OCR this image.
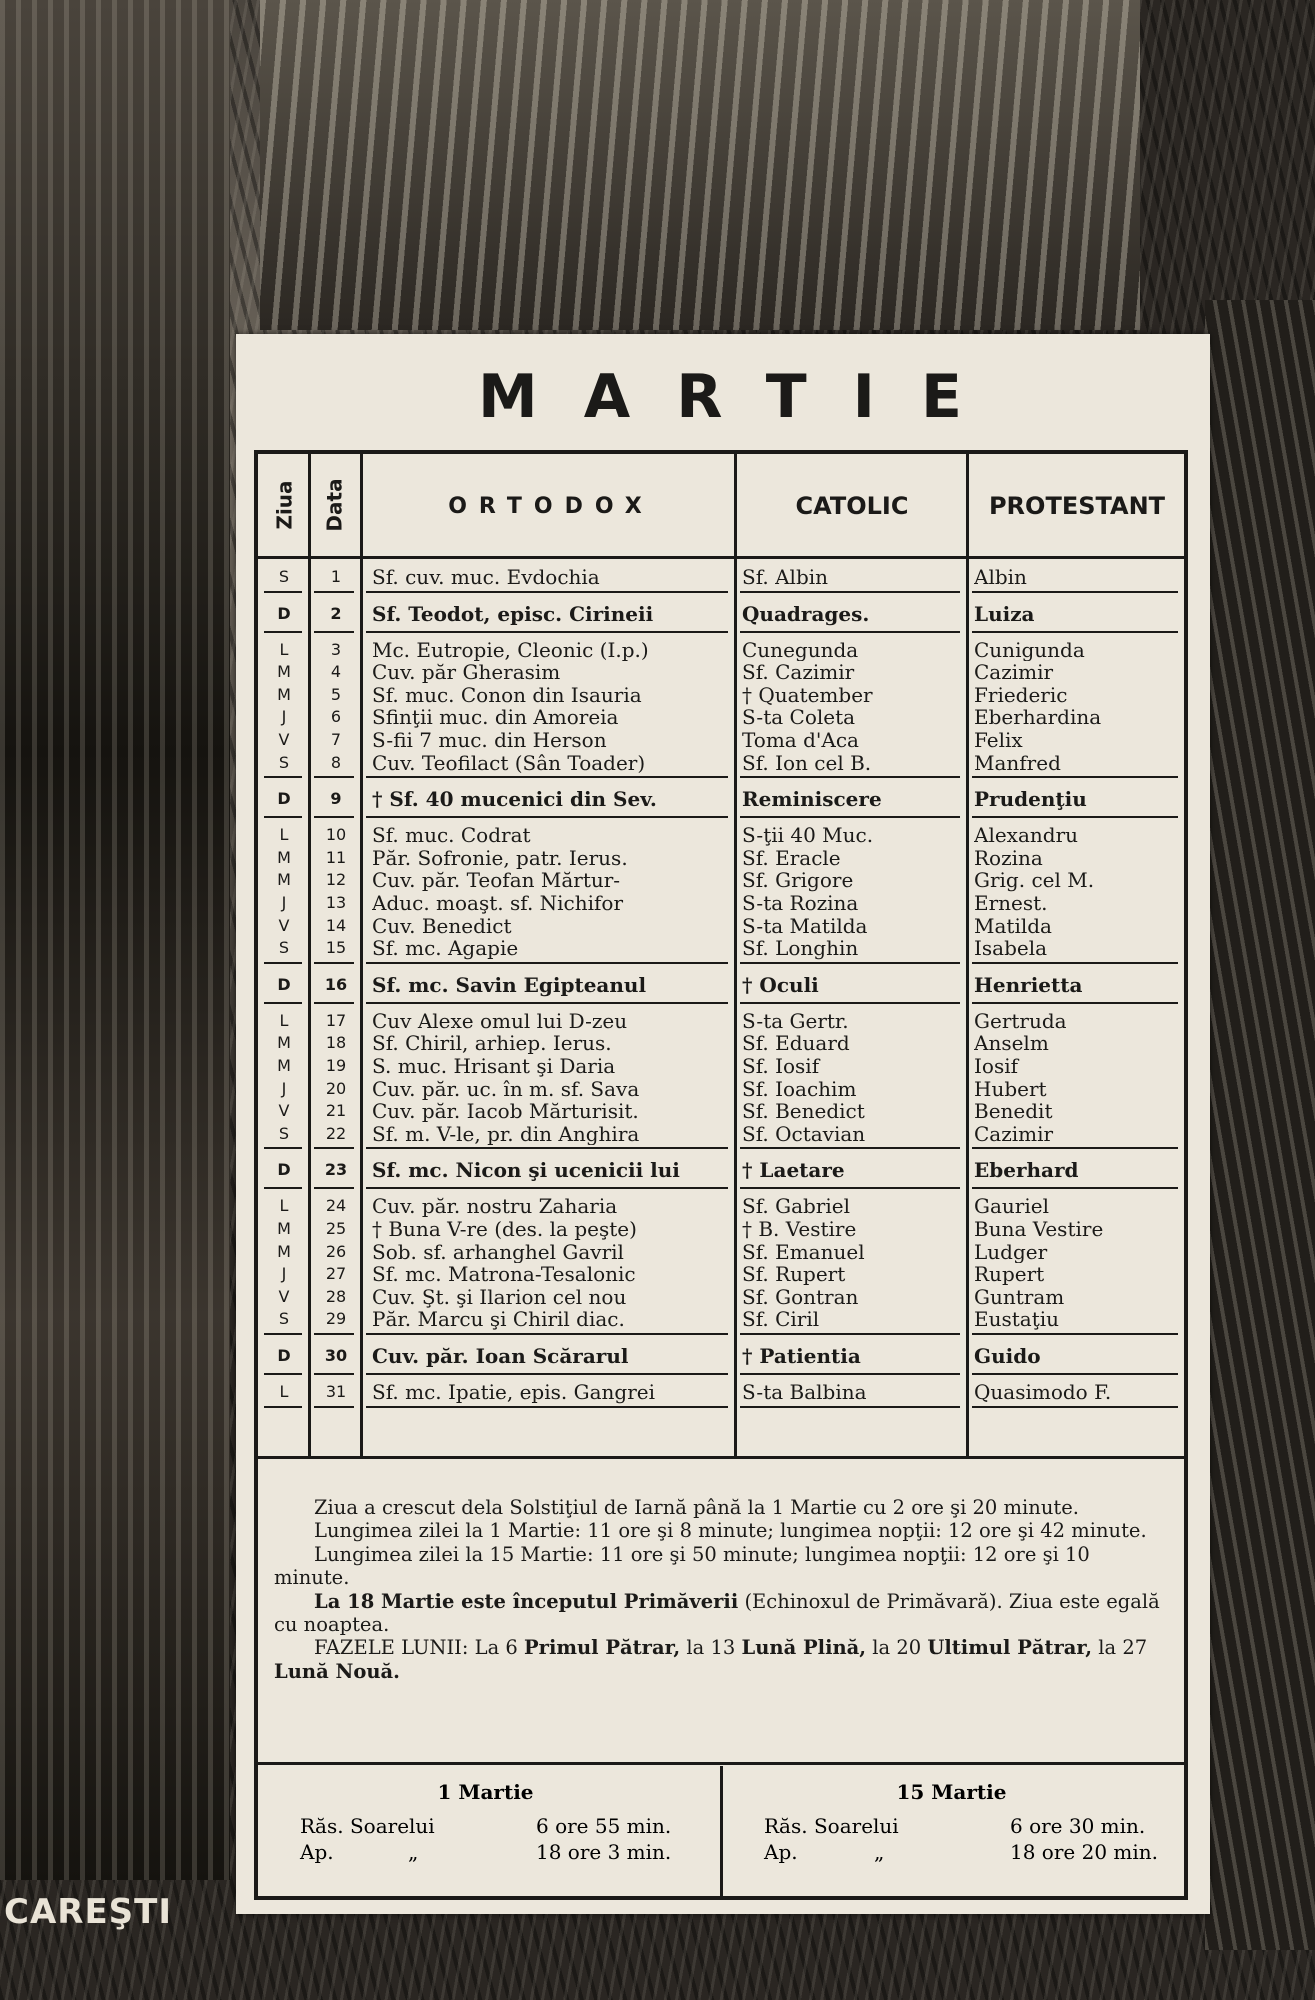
CAREŞTI
MARTIE
Ziua Data	ORTODOX	CATOLIC	PROTESTANT
S	1	Sf. cuv. muc. Evdochia	Sf. Albin	Albin
D	2	Sf. Teodot, episc. Cirineii	Quadrages.	Luiza
L	3	Mc. Eutropie, Cleonic (I.p.)	Cunegunda	Cunigunda
M	4	Cuv. păr Gherasim	Sf. Cazimir	Cazimir
M	5	Sf. muc. Conon din Isauria	† Quatember	Friederic
J	6	Sfinţii muc. din Amoreia	S-ta Coleta	Eberhardina
V	7	S-fii 7 muc. din Herson	Toma d'Aca	Felix
S	8	Cuv. Teofilact (Sân Toader)	Sf. Ion cel B.	Manfred
D	9	† Sf. 40 mucenici din Sev.	Reminiscere	Prudenţiu
L	10	Sf. muc. Codrat	S-ţii 40 Muc.	Alexandru
M	11	Păr. Sofronie, patr. Ierus.	Sf. Eracle	Rozina
M	12	Cuv. păr. Teofan Mărtur-	Sf. Grigore	Grig. cel M.
J	13	Aduc. moaşt. sf. Nichifor	S-ta Rozina	Ernest.
V	14	Cuv. Benedict	S-ta Matilda	Matilda
S	15	Sf. mc. Agapie	Sf. Longhin	Isabela
D	16	Sf. mc. Savin Egipteanul	† Oculi	Henrietta
L	17	Cuv Alexe omul lui D-zeu	S-ta Gertr.	Gertruda
M	18	Sf. Chiril, arhiep. Ierus.	Sf. Eduard	Anselm
M	19	S. muc. Hrisant şi Daria	Sf. Iosif	Iosif
J	20	Cuv. păr. uc. în m. sf. Sava	Sf. Ioachim	Hubert
V	21	Cuv. păr. Iacob Mărturisit.	Sf. Benedict	Benedit
S	22	Sf. m. V-le, pr. din Anghira	Sf. Octavian	Cazimir
D	23	Sf. mc. Nicon şi ucenicii lui	† Laetare	Eberhard
L	24	Cuv. păr. nostru Zaharia	Sf. Gabriel	Gauriel
M	25	† Buna V-re (des. la peşte)	† B. Vestire	Buna Vestire
M	26	Sob. sf. arhanghel Gavril	Sf. Emanuel	Ludger
J	27	Sf. mc. Matrona-Tesalonic	Sf. Rupert	Rupert
V	28	Cuv. Şt. şi Ilarion cel nou	Sf. Gontran	Guntram
S	29	Păr. Marcu şi Chiril diac.	Sf. Ciril	Eustaţiu
D	30	Cuv. păr. Ioan Scărarul	† Patientia	Guido
L	31	Sf. mc. Ipatie, epis. Gangrei	S-ta Balbina	Quasimodo F.

Ziua a crescut dela Solstiţiul de Iarnă până la 1 Martie cu 2 ore şi 20 minute.

Lungimea zilei la 1 Martie: 11 ore şi 8 minute; lungimea nopţii: 12 ore şi 42 minute.

Lungimea zilei la 15 Martie: 11 ore şi 50 minute; lungimea nopţii: 12 ore şi 10 minute.

La 18 Martie este începutul Primăverii (Echinoxul de Primăvară). Ziua este egală cu noaptea.

FAZELE LUNII: La 6 Primul Pătrar, la 13 Lună Plină, la 20 Ultimul Pătrar, la 27 Lună Nouă.

1 Martie
Răs. Soarelui	6 ore 55 min.
Ap.	„	18 ore 3 min.
15 Martie
Răs. Soarelui	6 ore 30 min.
Ap.	„	18 ore 20 min.
